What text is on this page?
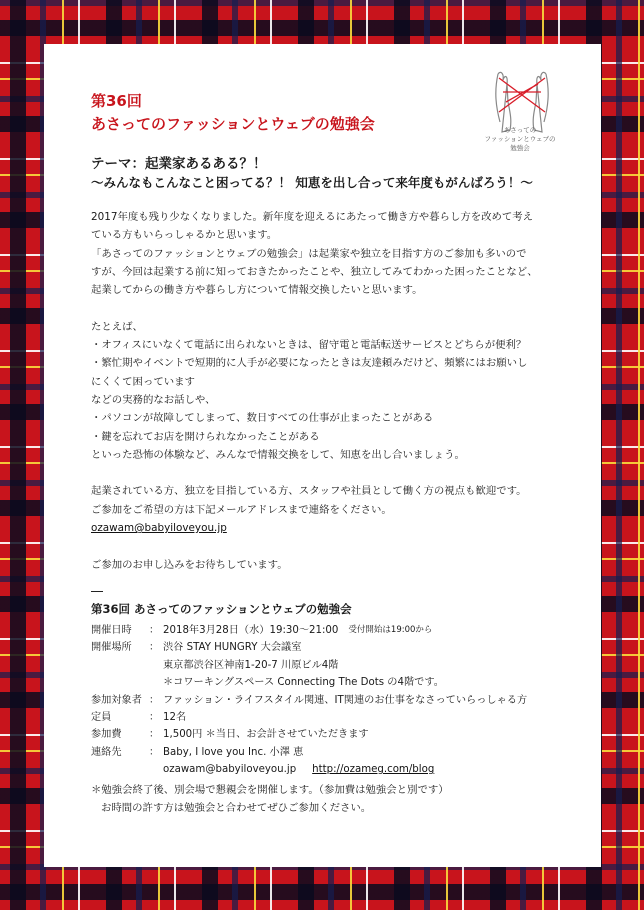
第36回
あさってのファッションとウェブの勉強会	あさっての
ファッションとウェブの
勉強会
テーマ：起業家あるある？！
〜みんなもこんなこと困ってる？！ 知恵を出し合って来年度もがんばろう！〜

2017年度も残り少なくなりました。新年度を迎えるにあたって働き方や暮らし方を改めて考え

ている方もいらっしゃるかと思います。

「あさってのファッションとウェブの勉強会」は起業家や独立を目指す方のご参加も多いので

すが、今回は起業する前に知っておきたかったことや、独立してみてわかった困ったことなど、

起業してからの働き方や暮らし方について情報交換したいと思います。

たとえば、

・オフィスにいなくて電話に出られないときは、留守電と電話転送サービスとどちらが便利？

・繁忙期やイベントで短期的に人手が必要になったときは友達頼みだけど、頻繁にはお願いし

にくくて困っています

などの実務的なお話しや、

・パソコンが故障してしまって、数日すべての仕事が止まったことがある

・鍵を忘れてお店を開けられなかったことがある

といった恐怖の体験など、みんなで情報交換をして、知恵を出し合いましょう。

起業されている方、独立を目指している方、スタッフや社員として働く方の視点も歓迎です。

ご参加をご希望の方は下記メールアドレスまで連絡をください。

ozawam@babyiloveyou.jp

ご参加のお申し込みをお待ちしています。

第36回 あさってのファッションとウェブの勉強会
開催日時	： 2018年3月28日（水）19:30〜21:00 受付開始は19:00から
開催場所	： 渋谷 STAY HUNGRY 大会議室
東京都渋谷区神南1-20-7 川原ビル4階
＊コワーキングスペース Connecting The Dots の4階です。
参加対象者 ： ファッション・ライフスタイル関連、IT関連のお仕事をなさっていらっしゃる方
定員	： 12名
参加費	： 1,500円 ＊当日、お会計させていただきます
連絡先	： Baby, I love you Inc. 小澤 恵
ozawam@babyiloveyou.jp http://ozameg.com/blog

＊勉強会終了後、別会場で懇親会を開催します。（参加費は勉強会と別です）

お時間の許す方は勉強会と合わせてぜひご参加ください。
